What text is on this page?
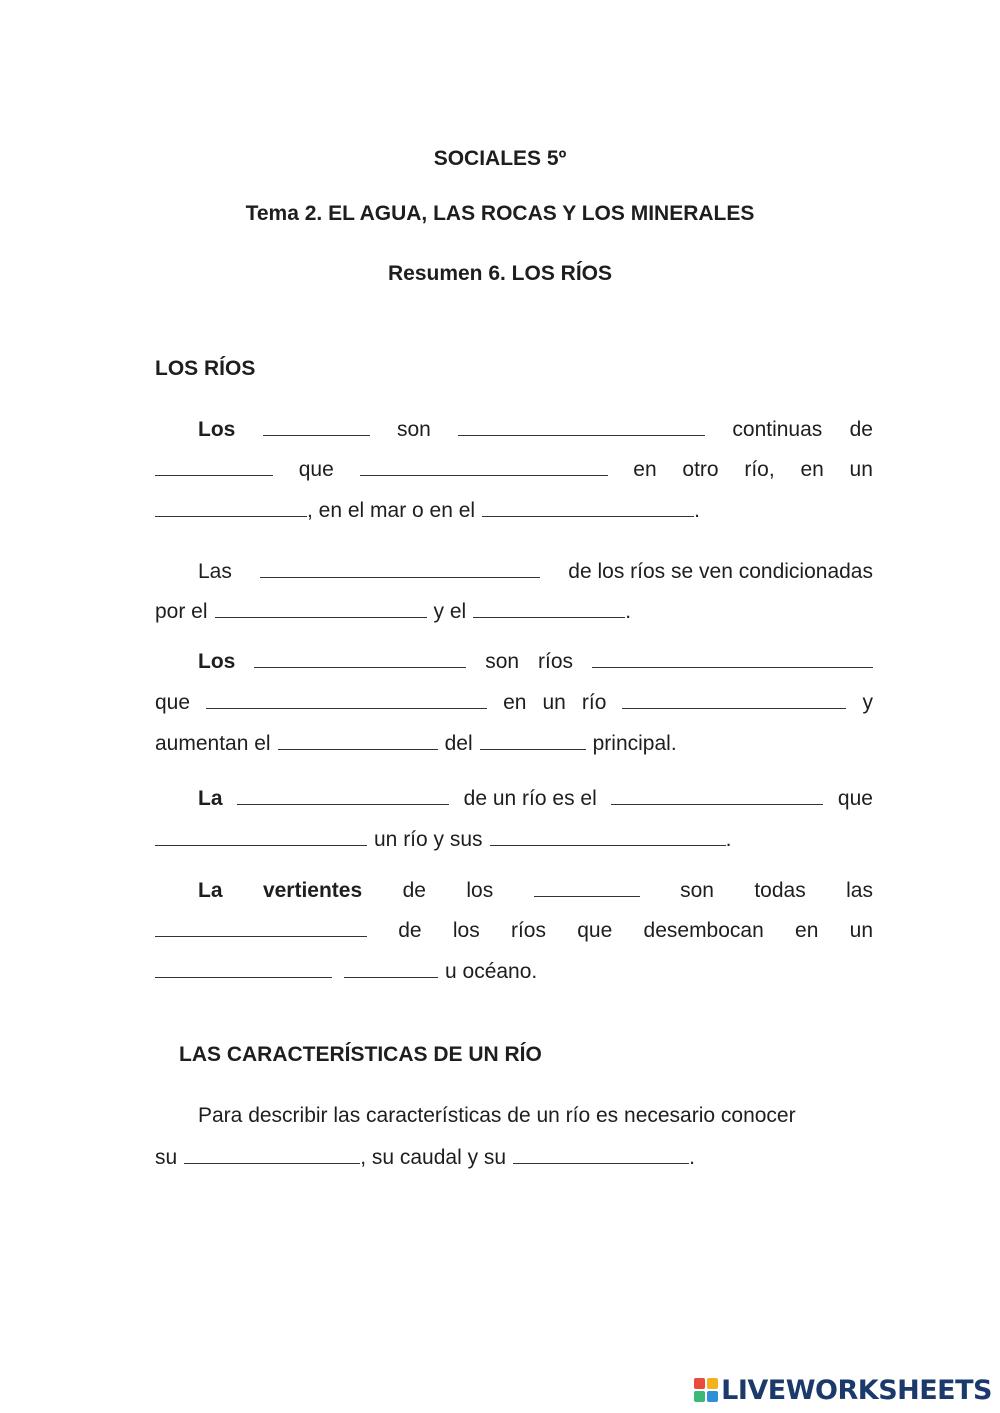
SOCIALES 5º
Tema 2. EL AGUA, LAS ROCAS Y LOS MINERALES
Resumen 6. LOS RÍOS
LOS RÍOS
Los	son	continuas de
que	en otro río, en un
, en el mar o en el	.
Las	de los ríos se ven condicionadas
por el	y el	.
Los	son ríos
que	en un río	y
aumentan el	del	principal.
La	de un río es el	que
un río y sus	.
La vertientes de los	son todas las
de los ríos que desembocan en un
u océano.
LAS CARACTERÍSTICAS DE UN RÍO
Para describir las características de un río es necesario conocer
su	, su caudal y su	.
LIVEWORKSHEETS
